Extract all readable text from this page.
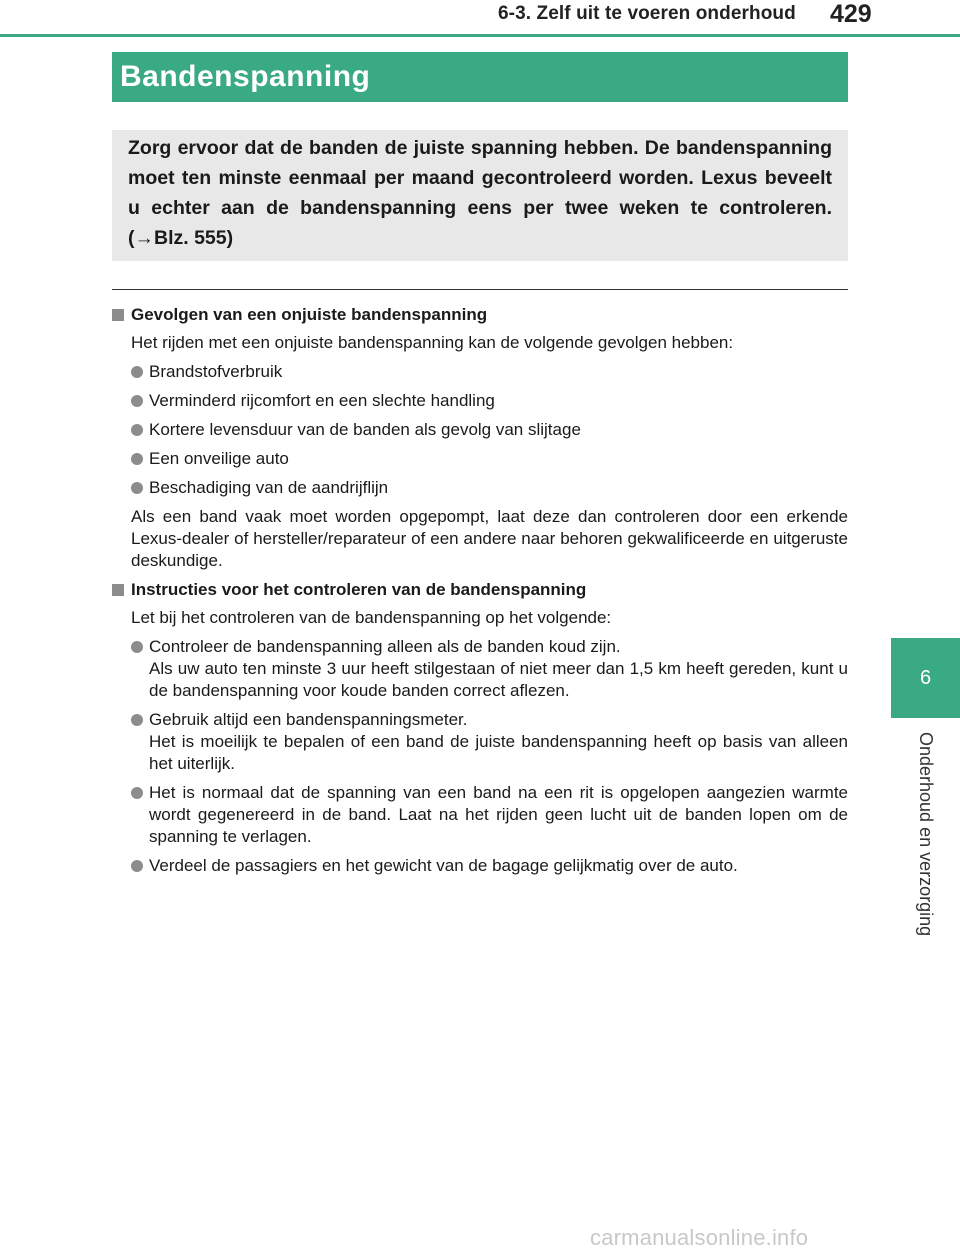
6-3. Zelf uit te voeren onderhoud 429
Bandenspanning

Zorg ervoor dat de banden de juiste spanning hebben. De bandenspanning moet ten minste eenmaal per maand gecontroleerd worden. Lexus beveelt u echter aan de bandenspanning eens per twee weken te controleren. (→Blz. 555)

Gevolgen van een onjuiste bandenspanning

Het rijden met een onjuiste bandenspanning kan de volgende gevolgen hebben:

Brandstofverbruik
Verminderd rijcomfort en een slechte handling
Kortere levensduur van de banden als gevolg van slijtage
Een onveilige auto
Beschadiging van de aandrijflijn

Als een band vaak moet worden opgepompt, laat deze dan controleren door een erkende Lexus-dealer of hersteller/reparateur of een andere naar behoren gekwalificeerde en uitgeruste deskundige.

Instructies voor het controleren van de bandenspanning

Let bij het controleren van de bandenspanning op het volgende:

Controleer de bandenspanning alleen als de banden koud zijn.
Als uw auto ten minste 3 uur heeft stilgestaan of niet meer dan 1,5 km heeft gereden, kunt u de bandenspanning voor koude banden correct aflezen.
Gebruik altijd een bandenspanningsmeter.
Het is moeilijk te bepalen of een band de juiste bandenspanning heeft op basis van alleen het uiterlijk.
Het is normaal dat de spanning van een band na een rit is opgelopen aangezien warmte wordt gegenereerd in de band. Laat na het rijden geen lucht uit de banden lopen om de spanning te verlagen.
Verdeel de passagiers en het gewicht van de bagage gelijkmatig over de auto.
6
Onderhoud en verzorging
carmanualsonline.info
